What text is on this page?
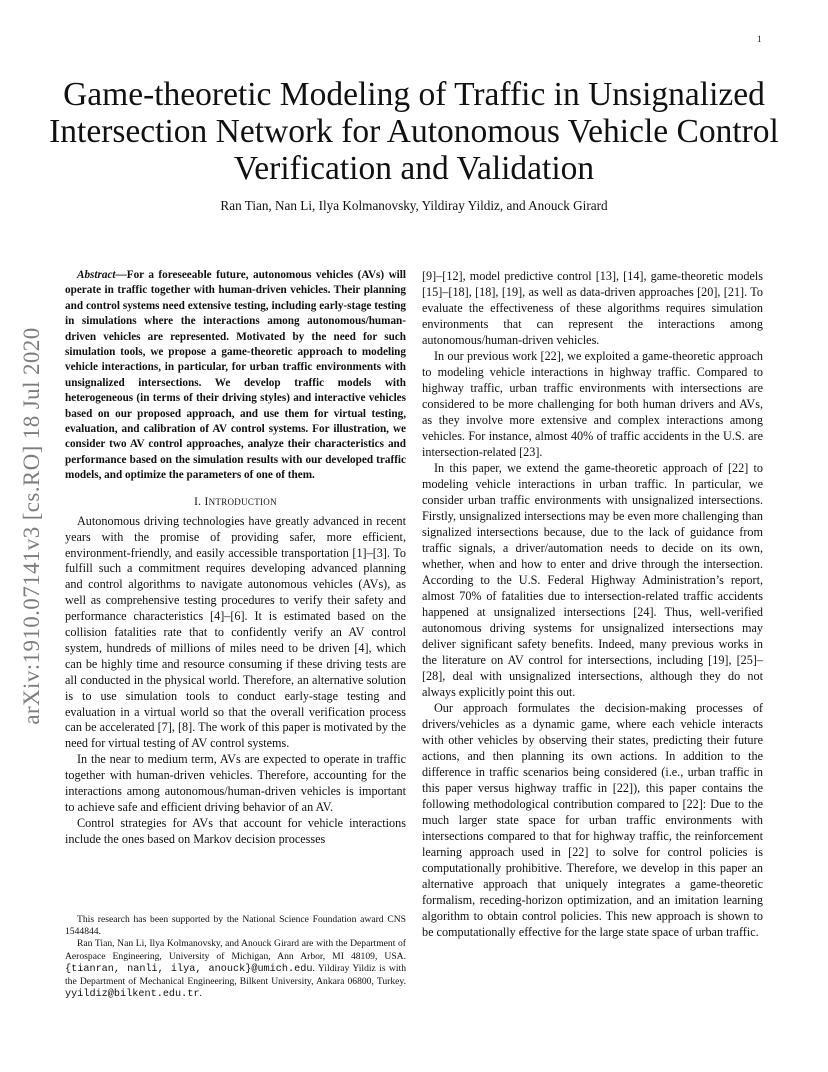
1
arXiv:1910.07141v3 [cs.RO] 18 Jul 2020
Game-theoretic Modeling of Traffic in Unsignalized Intersection Network for Autonomous Vehicle Control Verification and Validation
Ran Tian, Nan Li, Ilya Kolmanovsky, Yildiray Yildiz, and Anouck Girard

Abstract—For a foreseeable future, autonomous vehicles (AVs) will operate in traffic together with human-driven vehicles. Their planning and control systems need extensive testing, including early-stage testing in simulations where the interactions among autonomous/human-driven vehicles are represented. Motivated by the need for such simulation tools, we propose a game-theoretic approach to modeling vehicle interactions, in particular, for urban traffic environments with unsignalized intersections. We develop traffic models with heterogeneous (in terms of their driving styles) and interactive vehicles based on our proposed approach, and use them for virtual testing, evaluation, and calibration of AV control systems. For illustration, we consider two AV control approaches, analyze their characteristics and performance based on the simulation results with our developed traffic models, and optimize the parameters of one of them.

I. INTRODUCTION

Autonomous driving technologies have greatly advanced in recent years with the promise of providing safer, more efficient, environment-friendly, and easily accessible transportation [1]–[3]. To fulfill such a commitment requires developing advanced planning and control algorithms to navigate autonomous vehicles (AVs), as well as comprehensive testing procedures to verify their safety and performance characteristics [4]–[6]. It is estimated based on the collision fatalities rate that to confidently verify an AV control system, hundreds of millions of miles need to be driven [4], which can be highly time and resource consuming if these driving tests are all conducted in the physical world. Therefore, an alternative solution is to use simulation tools to conduct early-stage testing and evaluation in a virtual world so that the overall verification process can be accelerated [7], [8]. The work of this paper is motivated by the need for virtual testing of AV control systems.

In the near to medium term, AVs are expected to operate in traffic together with human-driven vehicles. Therefore, accounting for the interactions among autonomous/human-driven vehicles is important to achieve safe and efficient driving behavior of an AV.

Control strategies for AVs that account for vehicle interactions include the ones based on Markov decision processes

This research has been supported by the National Science Foundation award CNS 1544844.

Ran Tian, Nan Li, Ilya Kolmanovsky, and Anouck Girard are with the Department of Aerospace Engineering, University of Michigan, Ann Arbor, MI 48109, USA. {tianran, nanli, ilya, anouck}@umich.edu. Yildiray Yildiz is with the Department of Mechanical Engineering, Bilkent University, Ankara 06800, Turkey. yyildiz@bilkent.edu.tr.

[9]–[12], model predictive control [13], [14], game-theoretic models [15]–[18], [18], [19], as well as data-driven approaches [20], [21]. To evaluate the effectiveness of these algorithms requires simulation environments that can represent the interactions among autonomous/human-driven vehicles.

In our previous work [22], we exploited a game-theoretic approach to modeling vehicle interactions in highway traffic. Compared to highway traffic, urban traffic environments with intersections are considered to be more challenging for both human drivers and AVs, as they involve more extensive and complex interactions among vehicles. For instance, almost 40% of traffic accidents in the U.S. are intersection-related [23].

In this paper, we extend the game-theoretic approach of [22] to modeling vehicle interactions in urban traffic. In particular, we consider urban traffic environments with unsignalized intersections. Firstly, unsignalized intersections may be even more challenging than signalized intersections because, due to the lack of guidance from traffic signals, a driver/automation needs to decide on its own, whether, when and how to enter and drive through the intersection. According to the U.S. Federal Highway Administration’s report, almost 70% of fatalities due to intersection-related traffic accidents happened at unsignalized intersections [24]. Thus, well-verified autonomous driving systems for unsignalized intersections may deliver significant safety benefits. Indeed, many previous works in the literature on AV control for intersections, including [19], [25]–[28], deal with unsignalized intersections, although they do not always explicitly point this out.

Our approach formulates the decision-making processes of drivers/vehicles as a dynamic game, where each vehicle interacts with other vehicles by observing their states, predicting their future actions, and then planning its own actions. In addition to the difference in traffic scenarios being considered (i.e., urban traffic in this paper versus highway traffic in [22]), this paper contains the following methodological contribution compared to [22]: Due to the much larger state space for urban traffic environments with intersections compared to that for highway traffic, the reinforcement learning approach used in [22] to solve for control policies is computationally prohibitive. Therefore, we develop in this paper an alternative approach that uniquely integrates a game-theoretic formalism, receding-horizon optimization, and an imitation learning algorithm to obtain control policies. This new approach is shown to be computationally effective for the large state space of urban traffic.
